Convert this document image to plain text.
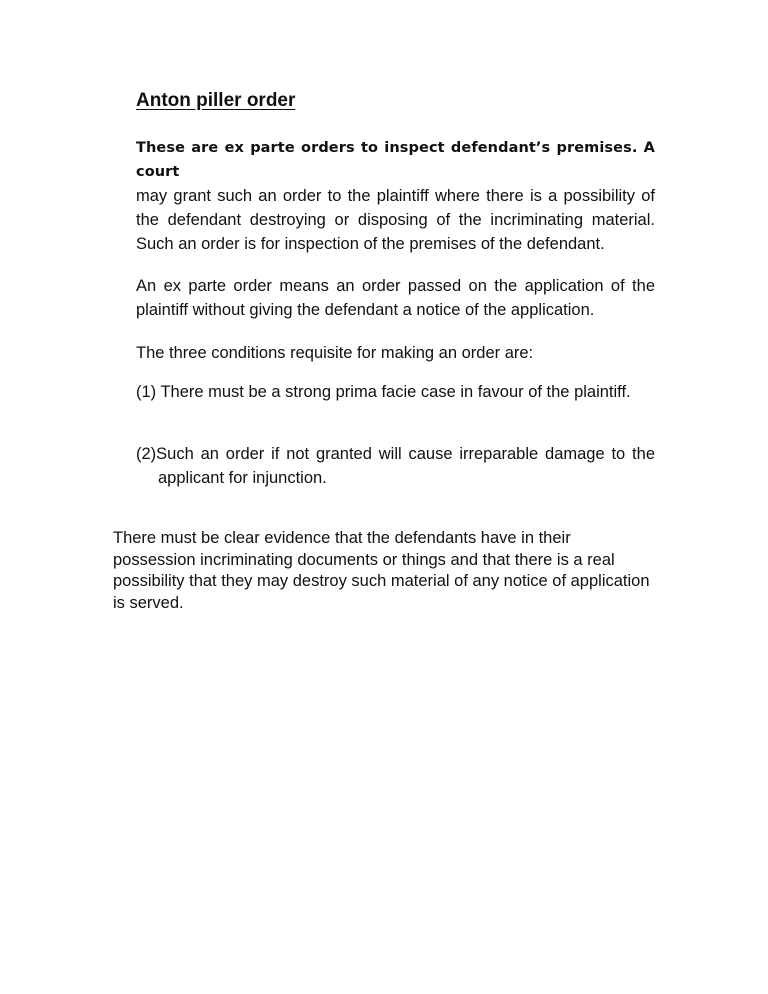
Anton piller order

These are ex parte orders to inspect defendant’s premises. A court
may grant such an order to the plaintiff where there is a possibility of the defendant destroying or disposing of the incriminating material. Such an order is for inspection of the premises of the defendant.

An ex parte order means an order passed on the application of the plaintiff without giving the defendant a notice of the application.

The three conditions requisite for making an order are:

(1) There must be a strong prima facie case in favour of the plaintiff.

(2)Such an order if not granted will cause irreparable damage to the applicant for injunction.

There must be clear evidence that the defendants have in their possession incriminating documents or things and that there is a real possibility that they may destroy such material of any notice of application is served.
